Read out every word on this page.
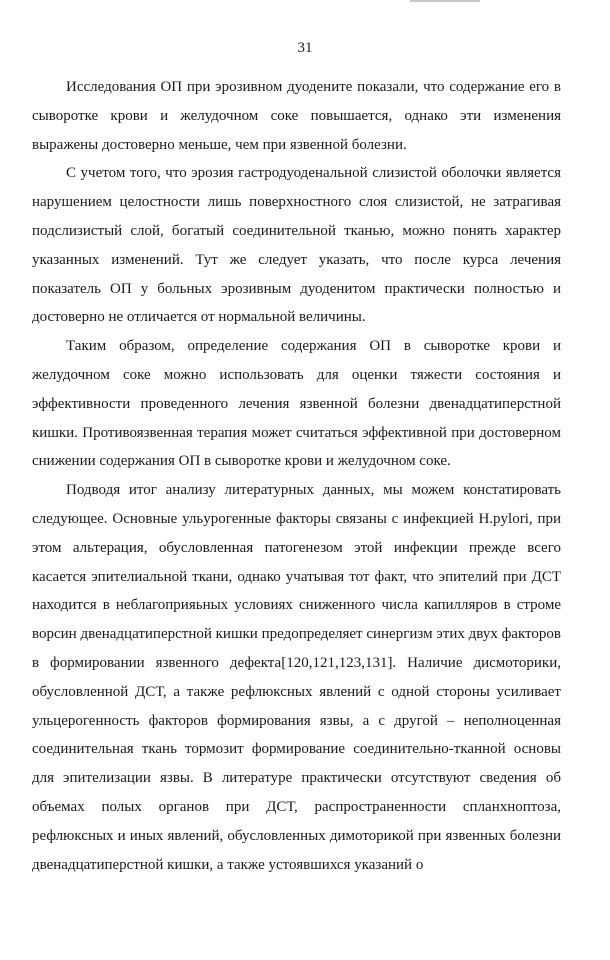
31

Исследования ОП при эрозивном дуодените показали, что содержание его в сыворотке крови и желудочном соке повышается, однако эти изменения выражены достоверно меньше, чем при язвенной болезни.

С учетом того, что эрозия гастродуоденальной слизистой оболочки является нарушением целостности лишь поверхностного слоя слизистой, не затрагивая подслизистый слой, богатый соединительной тканью, можно понять характер указанных изменений. Тут же следует указать, что после курса лечения показатель ОП у больных эрозивным дуоденитом практически полностью и достоверно не отличается от нормальной величины.

Таким образом, определение содержания ОП в сыворотке крови и желудочном соке можно использовать для оценки тяжести состояния и эффективности проведенного лечения язвенной болезни двенадцатиперстной кишки. Противоязвенная терапия может считаться эффективной при достоверном снижении содержания ОП в сыворотке крови и желудочном соке.

Подводя итог анализу литературных данных, мы можем констатировать следующее. Основные ульурогенные факторы связаны с инфекцией H.pylori, при этом альтерация, обусловленная патогенезом этой инфекции прежде всего касается эпителиальной ткани, однако учатывая тот факт, что эпителий при ДСТ находится в неблагоприяьных условиях сниженного числа капилляров в строме ворсин двенадцатиперстной кишки предопределяет синергизм этих двух факторов в формировании язвенного дефекта[120,121,123,131]. Наличие дисмоторики, обусловленной ДСТ, а также рефлюксных явлений с одной стороны усиливает ульцерогенность факторов формирования язвы, а с другой – неполноценная соединительная ткань тормозит формирование соединительно-тканной основы для эпителизации язвы. В литературе практически отсутствуют сведения об объемах полых органов при ДСТ, распространенности спланхноптоза, рефлюксных и иных явлений, обусловленных димоторикой при язвенных болезни двенадцатиперстной кишки, а также устоявшихся указаний о
